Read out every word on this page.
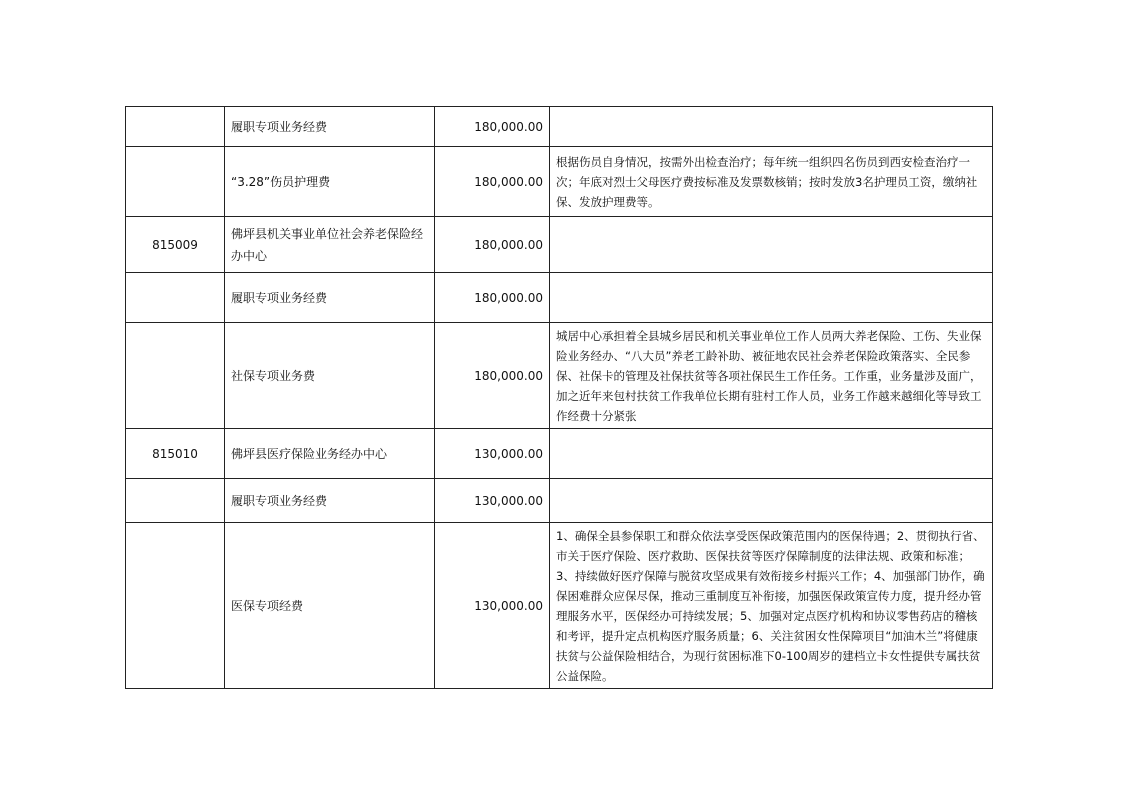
	履职专项业务经费	180,000.00	

	“3.28”伤员护理费	180,000.00	根据伤员自身情况，按需外出检查治疗；每年统一组织四名伤员到西安检查治疗一次；年底对烈士父母医疗费按标准及发票数核销；按时发放3名护理员工资，缴纳社保、发放护理费等。
815009	佛坪县机关事业单位社会养老保险经办中心	180,000.00	

	履职专项业务经费	180,000.00	

	社保专项业务费	180,000.00	城居中心承担着全县城乡居民和机关事业单位工作人员两大养老保险、工伤、失业保险业务经办、“八大员”养老工龄补助、被征地农民社会养老保险政策落实、全民参保、社保卡的管理及社保扶贫等各项社保民生工作任务。工作重，业务量涉及面广，加之近年来包村扶贫工作我单位长期有驻村工作人员，业务工作越来越细化等导致工作经费十分紧张
815010	佛坪县医疗保险业务经办中心	130,000.00	

	履职专项业务经费	130,000.00	

	医保专项经费	130,000.00	1、确保全县参保职工和群众依法享受医保政策范围内的医保待遇；2、贯彻执行省、市关于医疗保险、医疗救助、医保扶贫等医疗保障制度的法律法规、政策和标准；3、持续做好医疗保障与脱贫攻坚成果有效衔接乡村振兴工作；4、加强部门协作，确保困难群众应保尽保，推动三重制度互补衔接，加强医保政策宣传力度，提升经办管理服务水平，医保经办可持续发展；5、加强对定点医疗机构和协议零售药店的稽核和考评，提升定点机构医疗服务质量；6、关注贫困女性保障项目“加油木兰”将健康扶贫与公益保险相结合，为现行贫困标准下0-100周岁的建档立卡女性提供专属扶贫公益保险。
